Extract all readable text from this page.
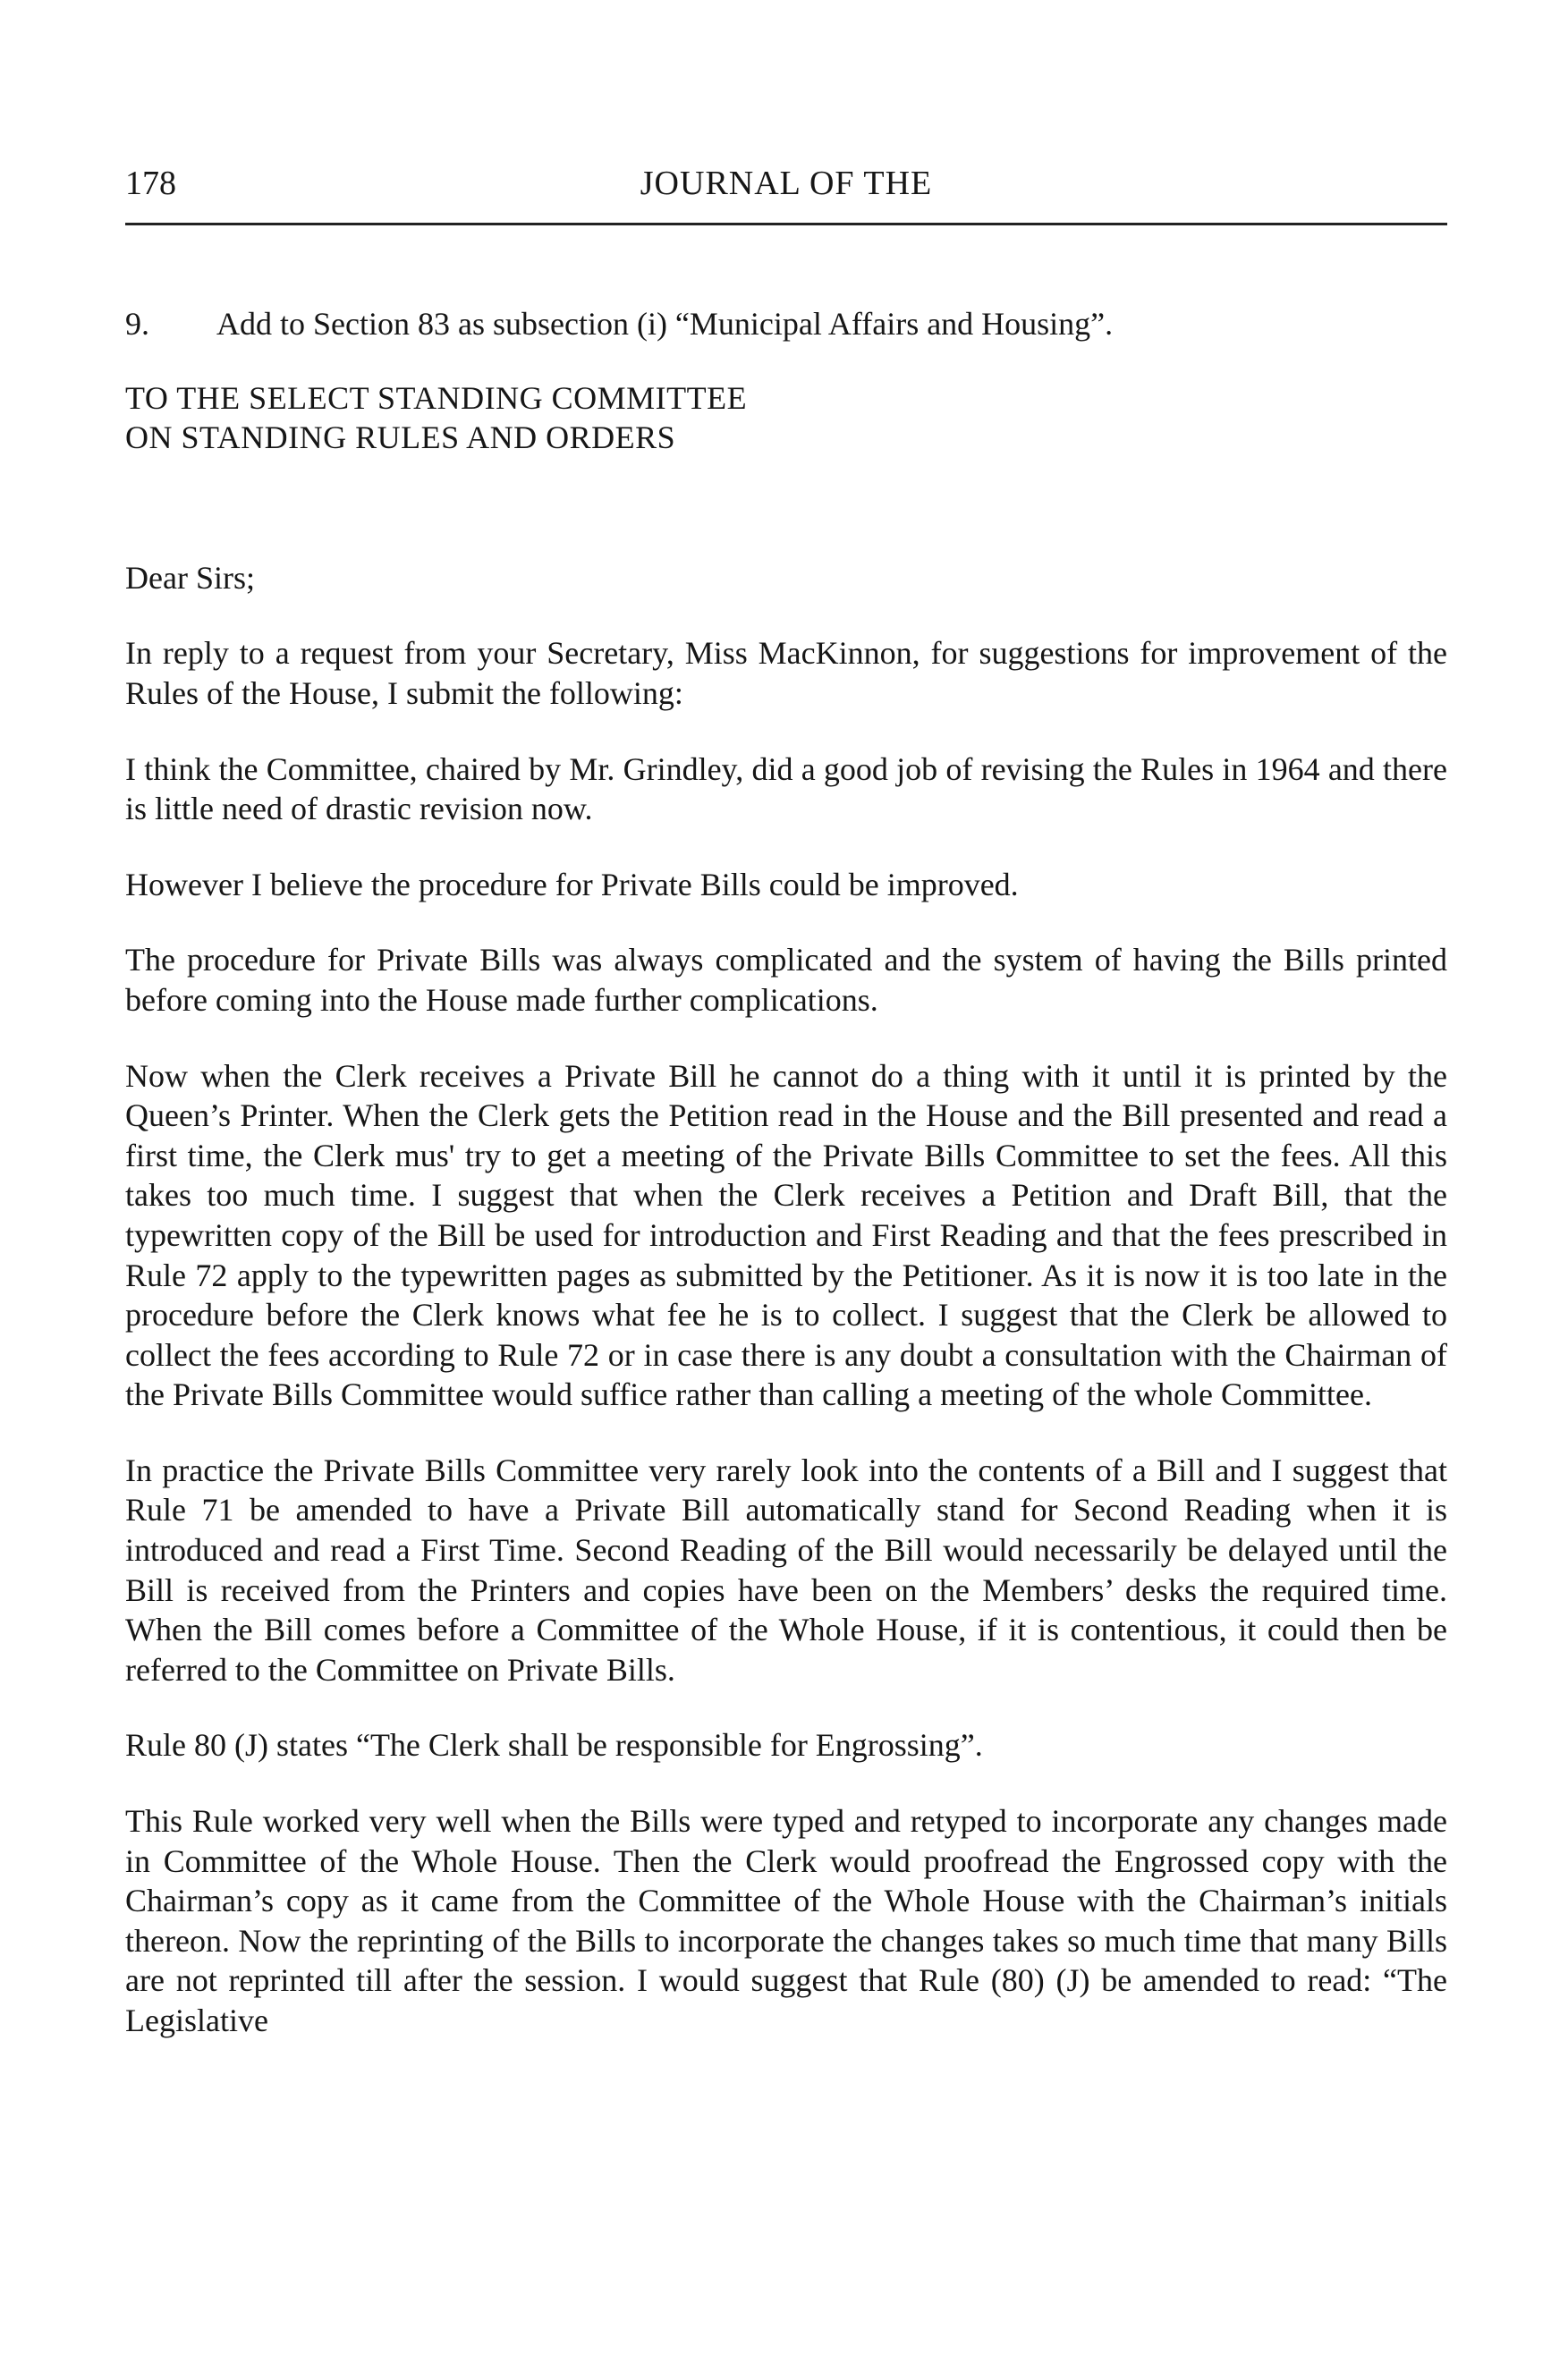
178	JOURNAL OF THE

9. Add to Section 83 as subsection (i) “Municipal Affairs and Housing”.

TO THE SELECT STANDING COMMITTEE
ON STANDING RULES AND ORDERS

Dear Sirs;

In reply to a request from your Secretary, Miss MacKinnon, for suggestions for improvement of the Rules of the House, I submit the following:

I think the Committee, chaired by Mr. Grindley, did a good job of revising the Rules in 1964 and there is little need of drastic revision now.

However I believe the procedure for Private Bills could be improved.

The procedure for Private Bills was always complicated and the system of having the Bills printed before coming into the House made further complications.

Now when the Clerk receives a Private Bill he cannot do a thing with it until it is printed by the Queen’s Printer. When the Clerk gets the Petition read in the House and the Bill presented and read a first time, the Clerk mus' try to get a meeting of the Private Bills Committee to set the fees. All this takes too much time. I suggest that when the Clerk receives a Petition and Draft Bill, that the typewritten copy of the Bill be used for introduction and First Reading and that the fees prescribed in Rule 72 apply to the typewritten pages as submitted by the Petitioner. As it is now it is too late in the procedure before the Clerk knows what fee he is to collect. I suggest that the Clerk be allowed to collect the fees according to Rule 72 or in case there is any doubt a consultation with the Chairman of the Private Bills Committee would suffice rather than calling a meeting of the whole Committee.

In practice the Private Bills Committee very rarely look into the contents of a Bill and I suggest that Rule 71 be amended to have a Private Bill automatically stand for Second Reading when it is introduced and read a First Time. Second Reading of the Bill would necessarily be delayed until the Bill is received from the Printers and copies have been on the Members’ desks the required time. When the Bill comes before a Committee of the Whole House, if it is contentious, it could then be referred to the Committee on Private Bills.

Rule 80 (J) states “The Clerk shall be responsible for Engrossing”.

This Rule worked very well when the Bills were typed and retyped to incorporate any changes made in Committee of the Whole House. Then the Clerk would proofread the Engrossed copy with the Chairman’s copy as it came from the Committee of the Whole House with the Chairman’s initials thereon. Now the reprinting of the Bills to incorporate the changes takes so much time that many Bills are not reprinted till after the session. I would suggest that Rule (80) (J) be amended to read: “The Legislative
